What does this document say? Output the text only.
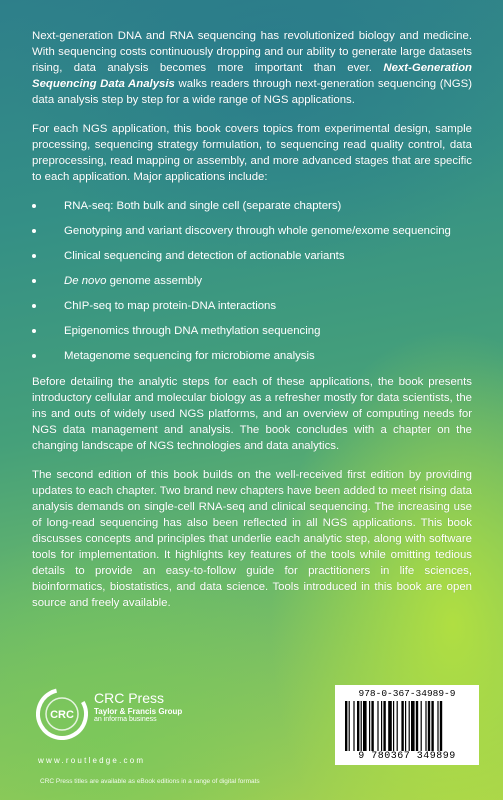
Next-generation DNA and RNA sequencing has revolutionized biology and medicine. With sequencing costs continuously dropping and our ability to generate large datasets rising, data analysis becomes more important than ever. Next-Generation Sequencing Data Analysis walks readers through next-generation sequencing (NGS) data analysis step by step for a wide range of NGS applications.

For each NGS application, this book covers topics from experimental design, sample processing, sequencing strategy formulation, to sequencing read quality control, data preprocessing, read mapping or assembly, and more advanced stages that are specific to each application. Major applications include:

RNA-seq: Both bulk and single cell (separate chapters)
Genotyping and variant discovery through whole genome/exome sequencing
Clinical sequencing and detection of actionable variants
De novo genome assembly
ChIP-seq to map protein-DNA interactions
Epigenomics through DNA methylation sequencing
Metagenome sequencing for microbiome analysis

Before detailing the analytic steps for each of these applications, the book presents introductory cellular and molecular biology as a refresher mostly for data scientists, the ins and outs of widely used NGS platforms, and an overview of computing needs for NGS data management and analysis. The book concludes with a chapter on the changing landscape of NGS technologies and data analytics.

The second edition of this book builds on the well-received first edition by providing updates to each chapter. Two brand new chapters have been added to meet rising data analysis demands on single-cell RNA-seq and clinical sequencing. The increasing use of long-read sequencing has also been reflected in all NGS applications. This book discusses concepts and principles that underlie each analytic step, along with software tools for implementation. It highlights key features of the tools while omitting tedious details to provide an easy-to-follow guide for practitioners in life sciences, bioinformatics, biostatistics, and data science. Tools introduced in this book are open source and freely available.

CRC
CRC Press
Taylor & Francis Group
an informa business
www.routledge.com
CRC Press titles are available as eBook editions in a range of digital formats
978-0-367-34989-9
9 780367 349899
